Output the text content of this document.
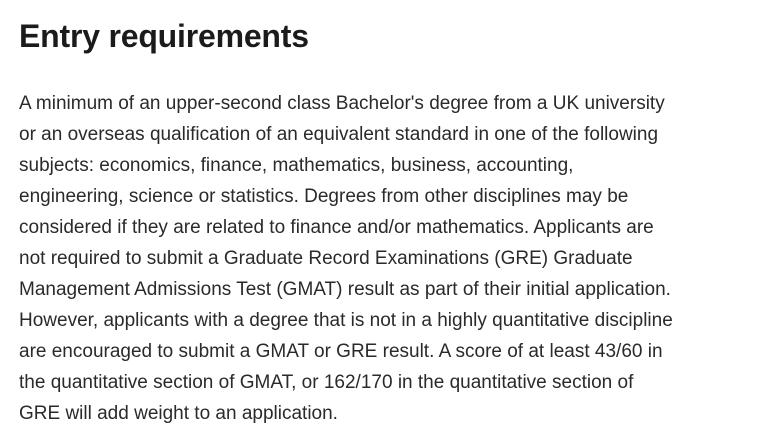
Entry requirements

A minimum of an upper-second class Bachelor's degree from a UK university
or an overseas qualification of an equivalent standard in one of the following
subjects: economics, finance, mathematics, business, accounting,
engineering, science or statistics. Degrees from other disciplines may be
considered if they are related to finance and/or mathematics. Applicants are
not required to submit a Graduate Record Examinations (GRE) Graduate
Management Admissions Test (GMAT) result as part of their initial application.
However, applicants with a degree that is not in a highly quantitative discipline
are encouraged to submit a GMAT or GRE result. A score of at least 43/60 in
the quantitative section of GMAT, or 162/170 in the quantitative section of
GRE will add weight to an application.
